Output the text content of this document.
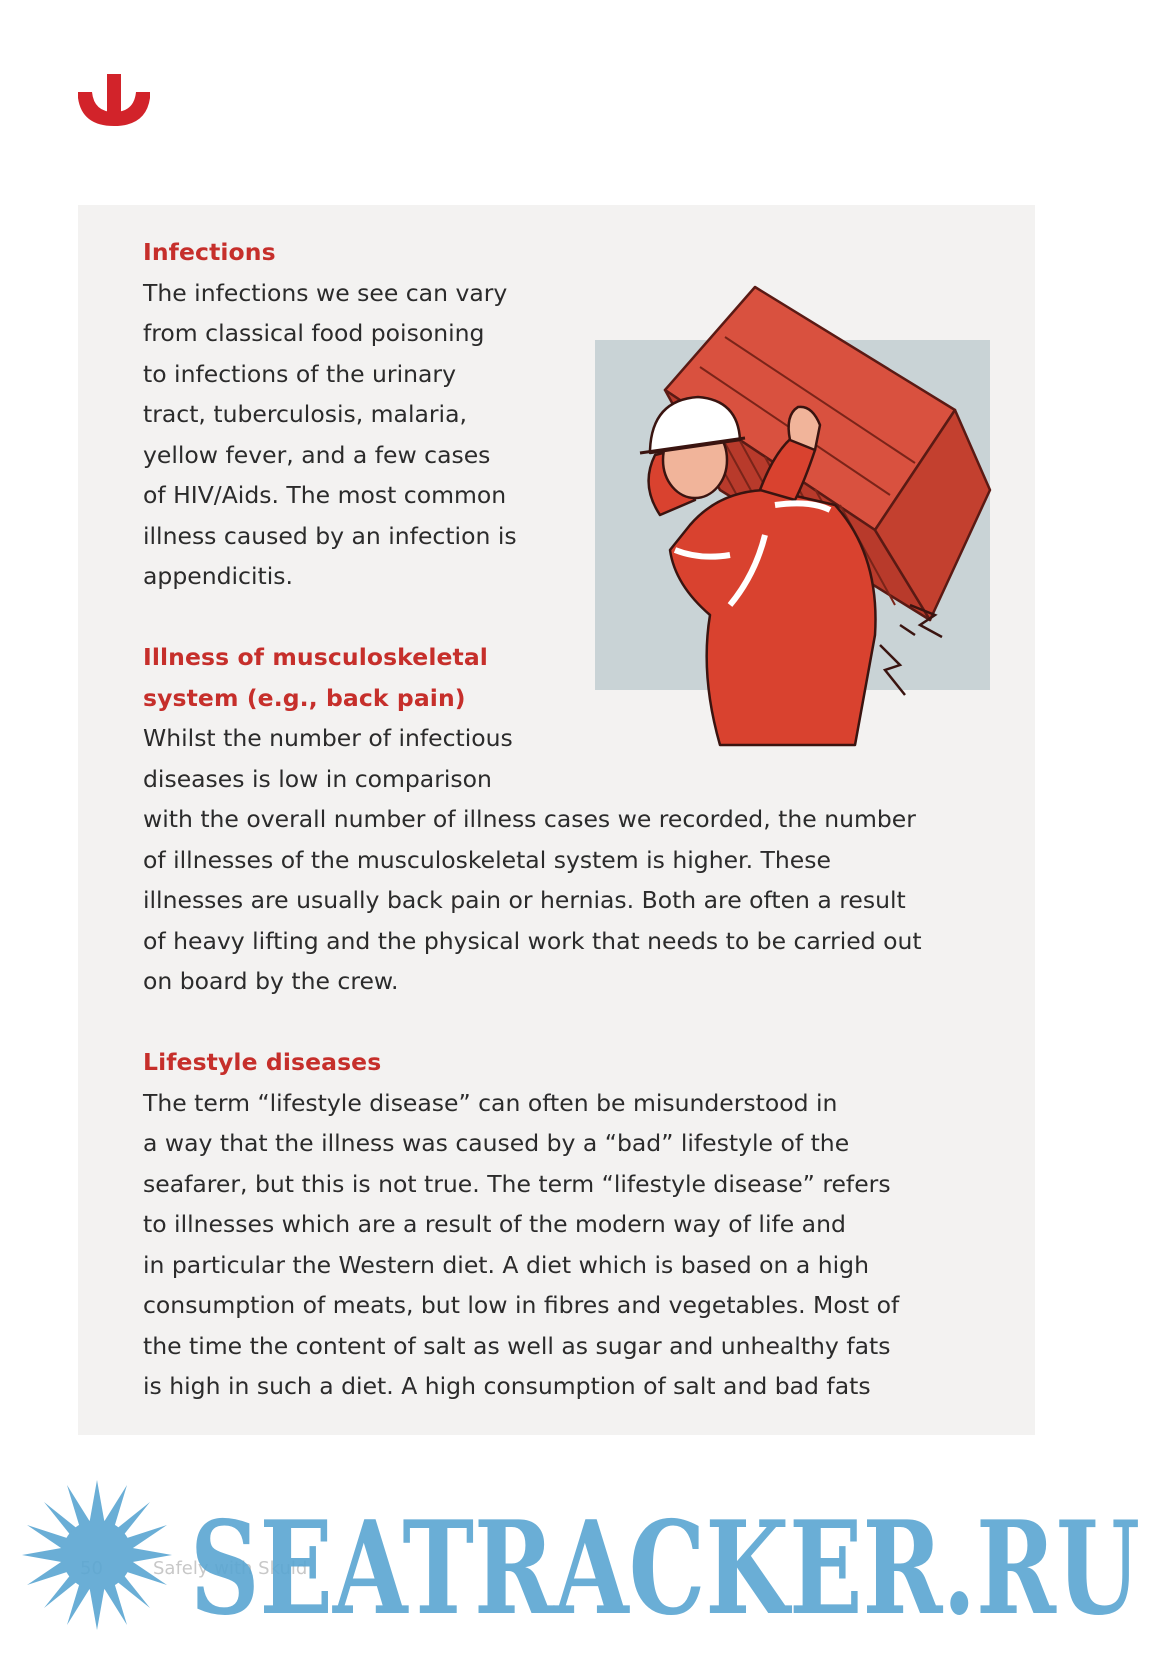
Infections

The infections we see can vary

from classical food poisoning

to infections of the urinary

tract, tuberculosis, malaria,

yellow fever, and a few cases

of HIV/Aids. The most common

illness caused by an infection is

appendicitis.

Illness of musculoskeletal
system (e.g., back pain)

Whilst the number of infectious

diseases is low in comparison

with the overall number of illness cases we recorded, the number

of illnesses of the musculoskeletal system is higher. These

illnesses are usually back pain or hernias. Both are often a result

of heavy lifting and the physical work that needs to be carried out

on board by the crew.

Lifestyle diseases

The term “lifestyle disease” can often be misunderstood in

a way that the illness was caused by a “bad” lifestyle of the

seafarer, but this is not true. The term “lifestyle disease” refers

to illnesses which are a result of the modern way of life and

in particular the Western diet. A diet which is based on a high

consumption of meats, but low in fibres and vegetables. Most of

the time the content of salt as well as sugar and unhealthy fats

is high in such a diet. A high consumption of salt and bad fats

Safely with Skuld
SEATRACKER.RU
